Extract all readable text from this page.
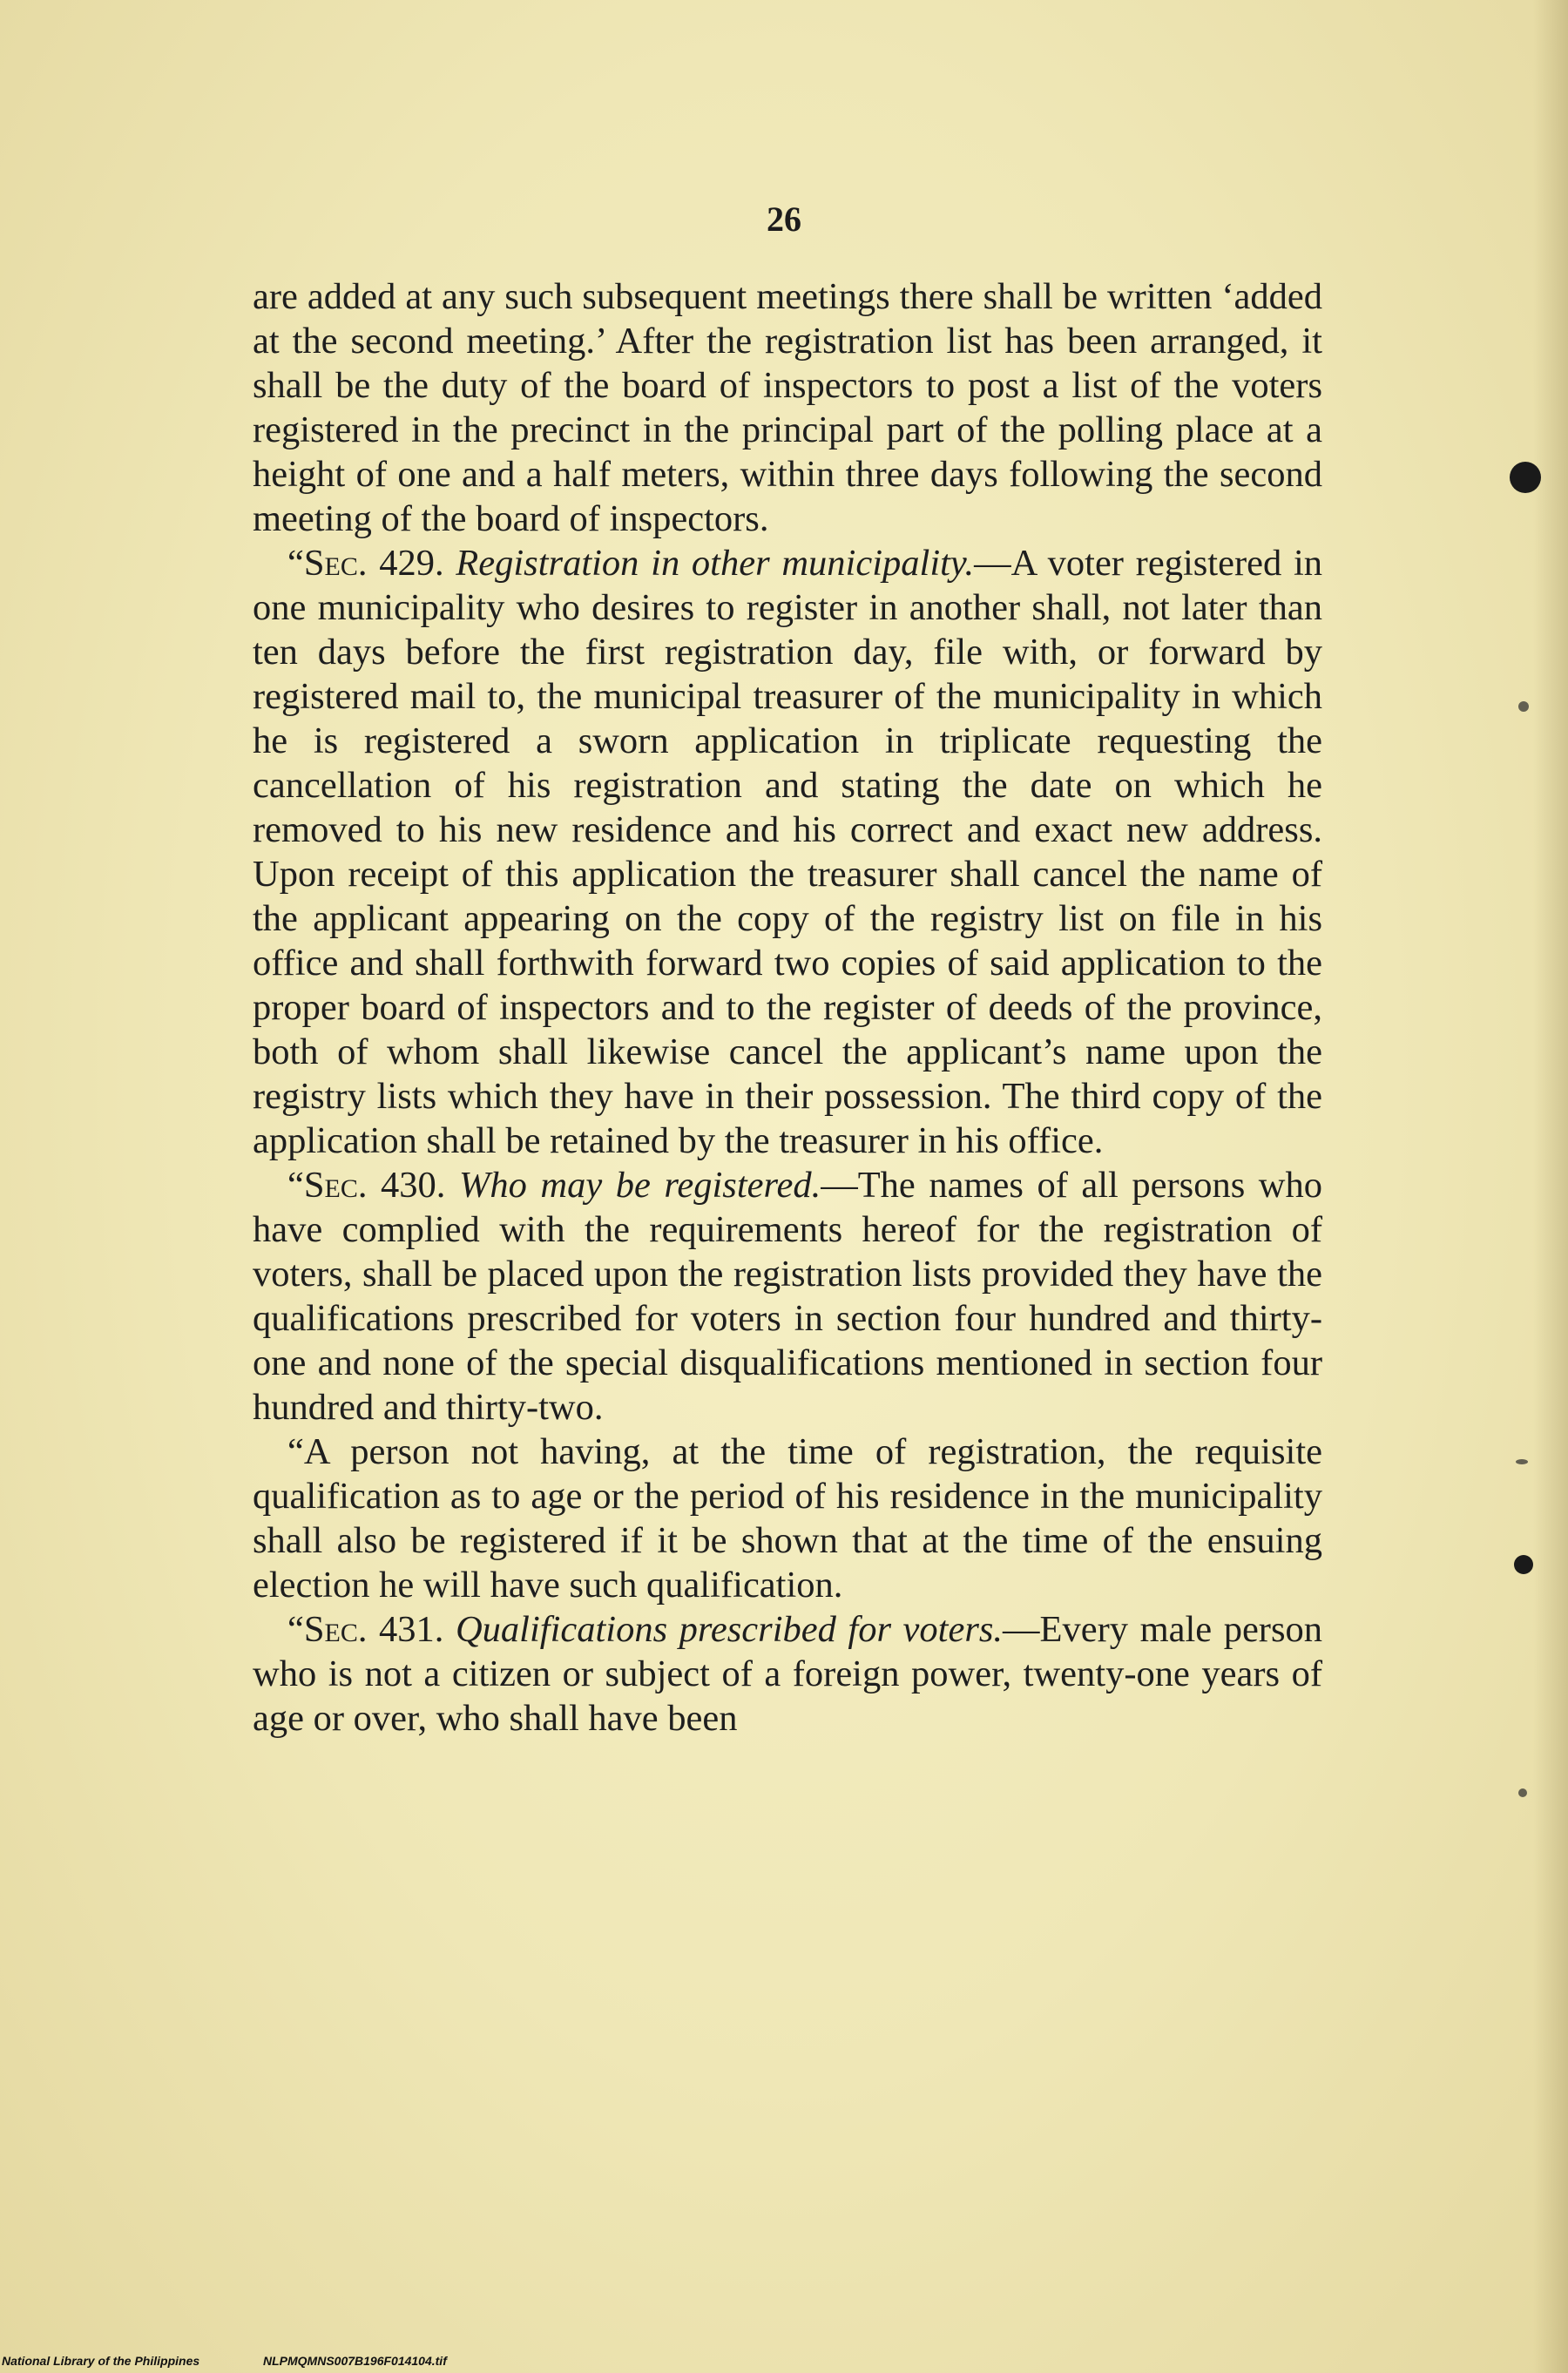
26

are added at any such subsequent meetings there shall be written ‘added at the second meeting.’ After the registration list has been arranged, it shall be the duty of the board of inspectors to post a list of the voters registered in the precinct in the principal part of the polling place at a height of one and a half meters, within three days following the second meeting of the board of inspectors.

“Sec. 429. Registration in other municipality.—A voter registered in one municipality who desires to register in another shall, not later than ten days before the first registration day, file with, or forward by registered mail to, the municipal treasurer of the municipality in which he is registered a sworn application in triplicate requesting the cancellation of his registration and stating the date on which he removed to his new residence and his correct and exact new address. Upon receipt of this application the treasurer shall cancel the name of the applicant appearing on the copy of the registry list on file in his office and shall forthwith forward two copies of said application to the proper board of inspectors and to the register of deeds of the province, both of whom shall likewise cancel the applicant’s name upon the registry lists which they have in their possession. The third copy of the application shall be retained by the treasurer in his office.

“Sec. 430. Who may be registered.—The names of all persons who have complied with the requirements hereof for the registration of voters, shall be placed upon the registration lists provided they have the qualifications prescribed for voters in section four hundred and thirty-one and none of the special disqualifications mentioned in section four hundred and thirty-two.

“A person not having, at the time of registration, the requisite qualification as to age or the period of his residence in the municipality shall also be registered if it be shown that at the time of the ensuing election he will have such qualification.

“Sec. 431. Qualifications prescribed for voters.—Every male person who is not a citizen or subject of a foreign power, twenty-one years of age or over, who shall have been

National Library of the Philippines	NLPMQMNS007B196F014104.tif
